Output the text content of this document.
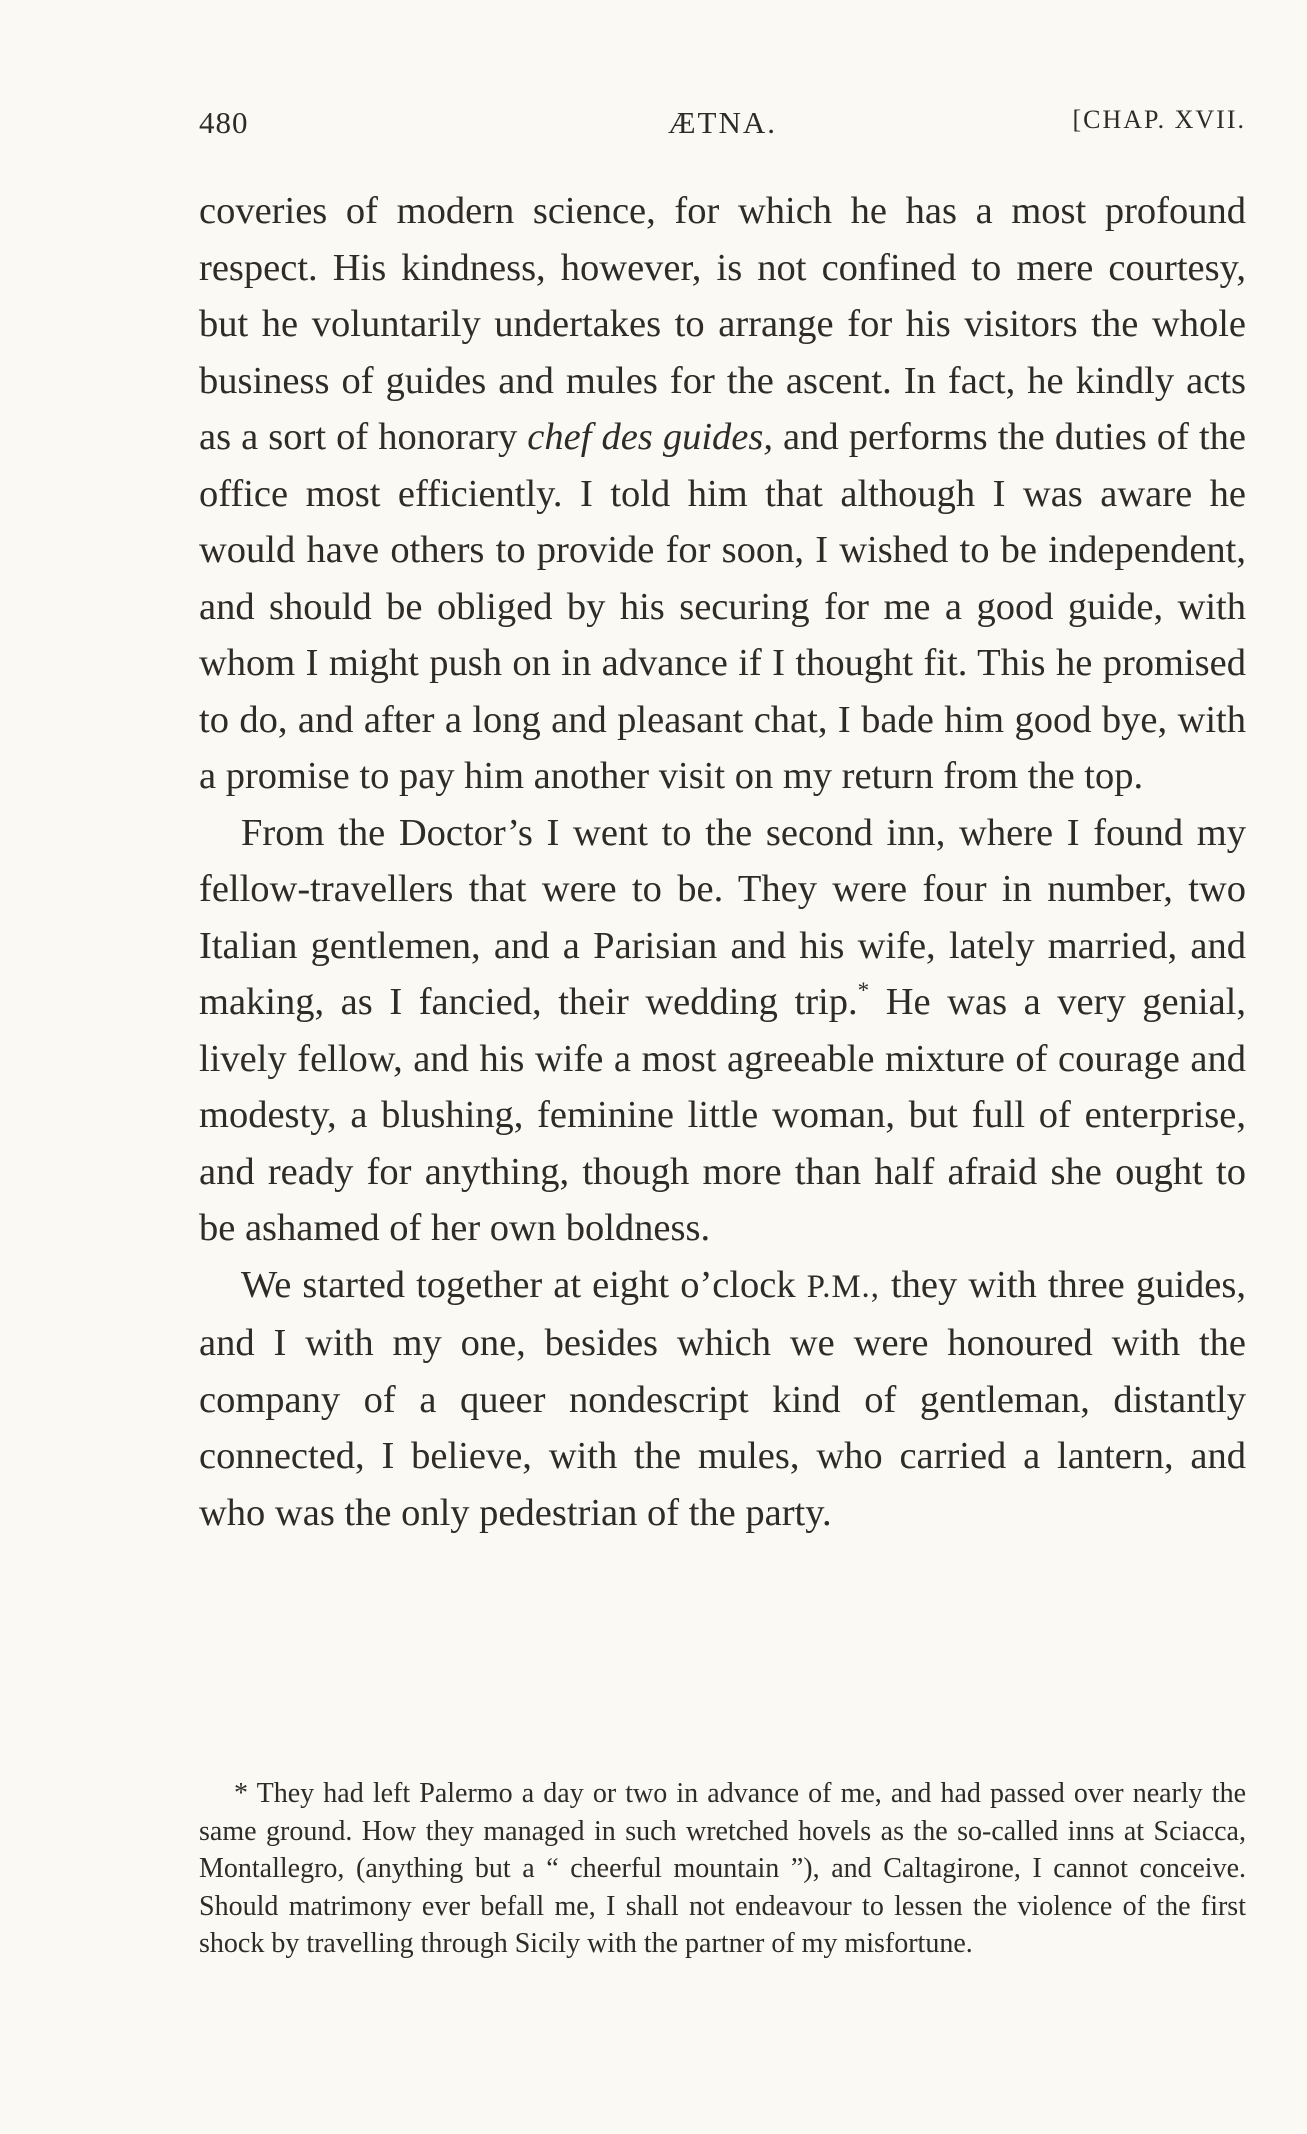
480	ÆTNA.	[CHAP. XVII.

coveries of modern science, for which he has a most profound respect. His kindness, however, is not confined to mere courtesy, but he voluntarily undertakes to arrange for his visitors the whole business of guides and mules for the ascent. In fact, he kindly acts as a sort of honorary chef des guides, and performs the duties of the office most efficiently. I told him that although I was aware he would have others to provide for soon, I wished to be independent, and should be obliged by his securing for me a good guide, with whom I might push on in advance if I thought fit. This he promised to do, and after a long and pleasant chat, I bade him good bye, with a promise to pay him another visit on my return from the top.

From the Doctor’s I went to the second inn, where I found my fellow-travellers that were to be. They were four in number, two Italian gentlemen, and a Parisian and his wife, lately married, and making, as I fancied, their wedding trip.* He was a very genial, lively fellow, and his wife a most agreeable mixture of courage and modesty, a blushing, feminine little woman, but full of enterprise, and ready for anything, though more than half afraid she ought to be ashamed of her own boldness.

We started together at eight o’clock P.M., they with three guides, and I with my one, besides which we were honoured with the company of a queer nondescript kind of gentleman, distantly connected, I believe, with the mules, who carried a lantern, and who was the only pedestrian of the party.

* They had left Palermo a day or two in advance of me, and had passed over nearly the same ground. How they managed in such wretched hovels as the so-called inns at Sciacca, Montallegro, (anything but a “ cheerful mountain ”), and Caltagirone, I cannot conceive. Should matrimony ever befall me, I shall not endeavour to lessen the violence of the first shock by travelling through Sicily with the partner of my misfortune.
